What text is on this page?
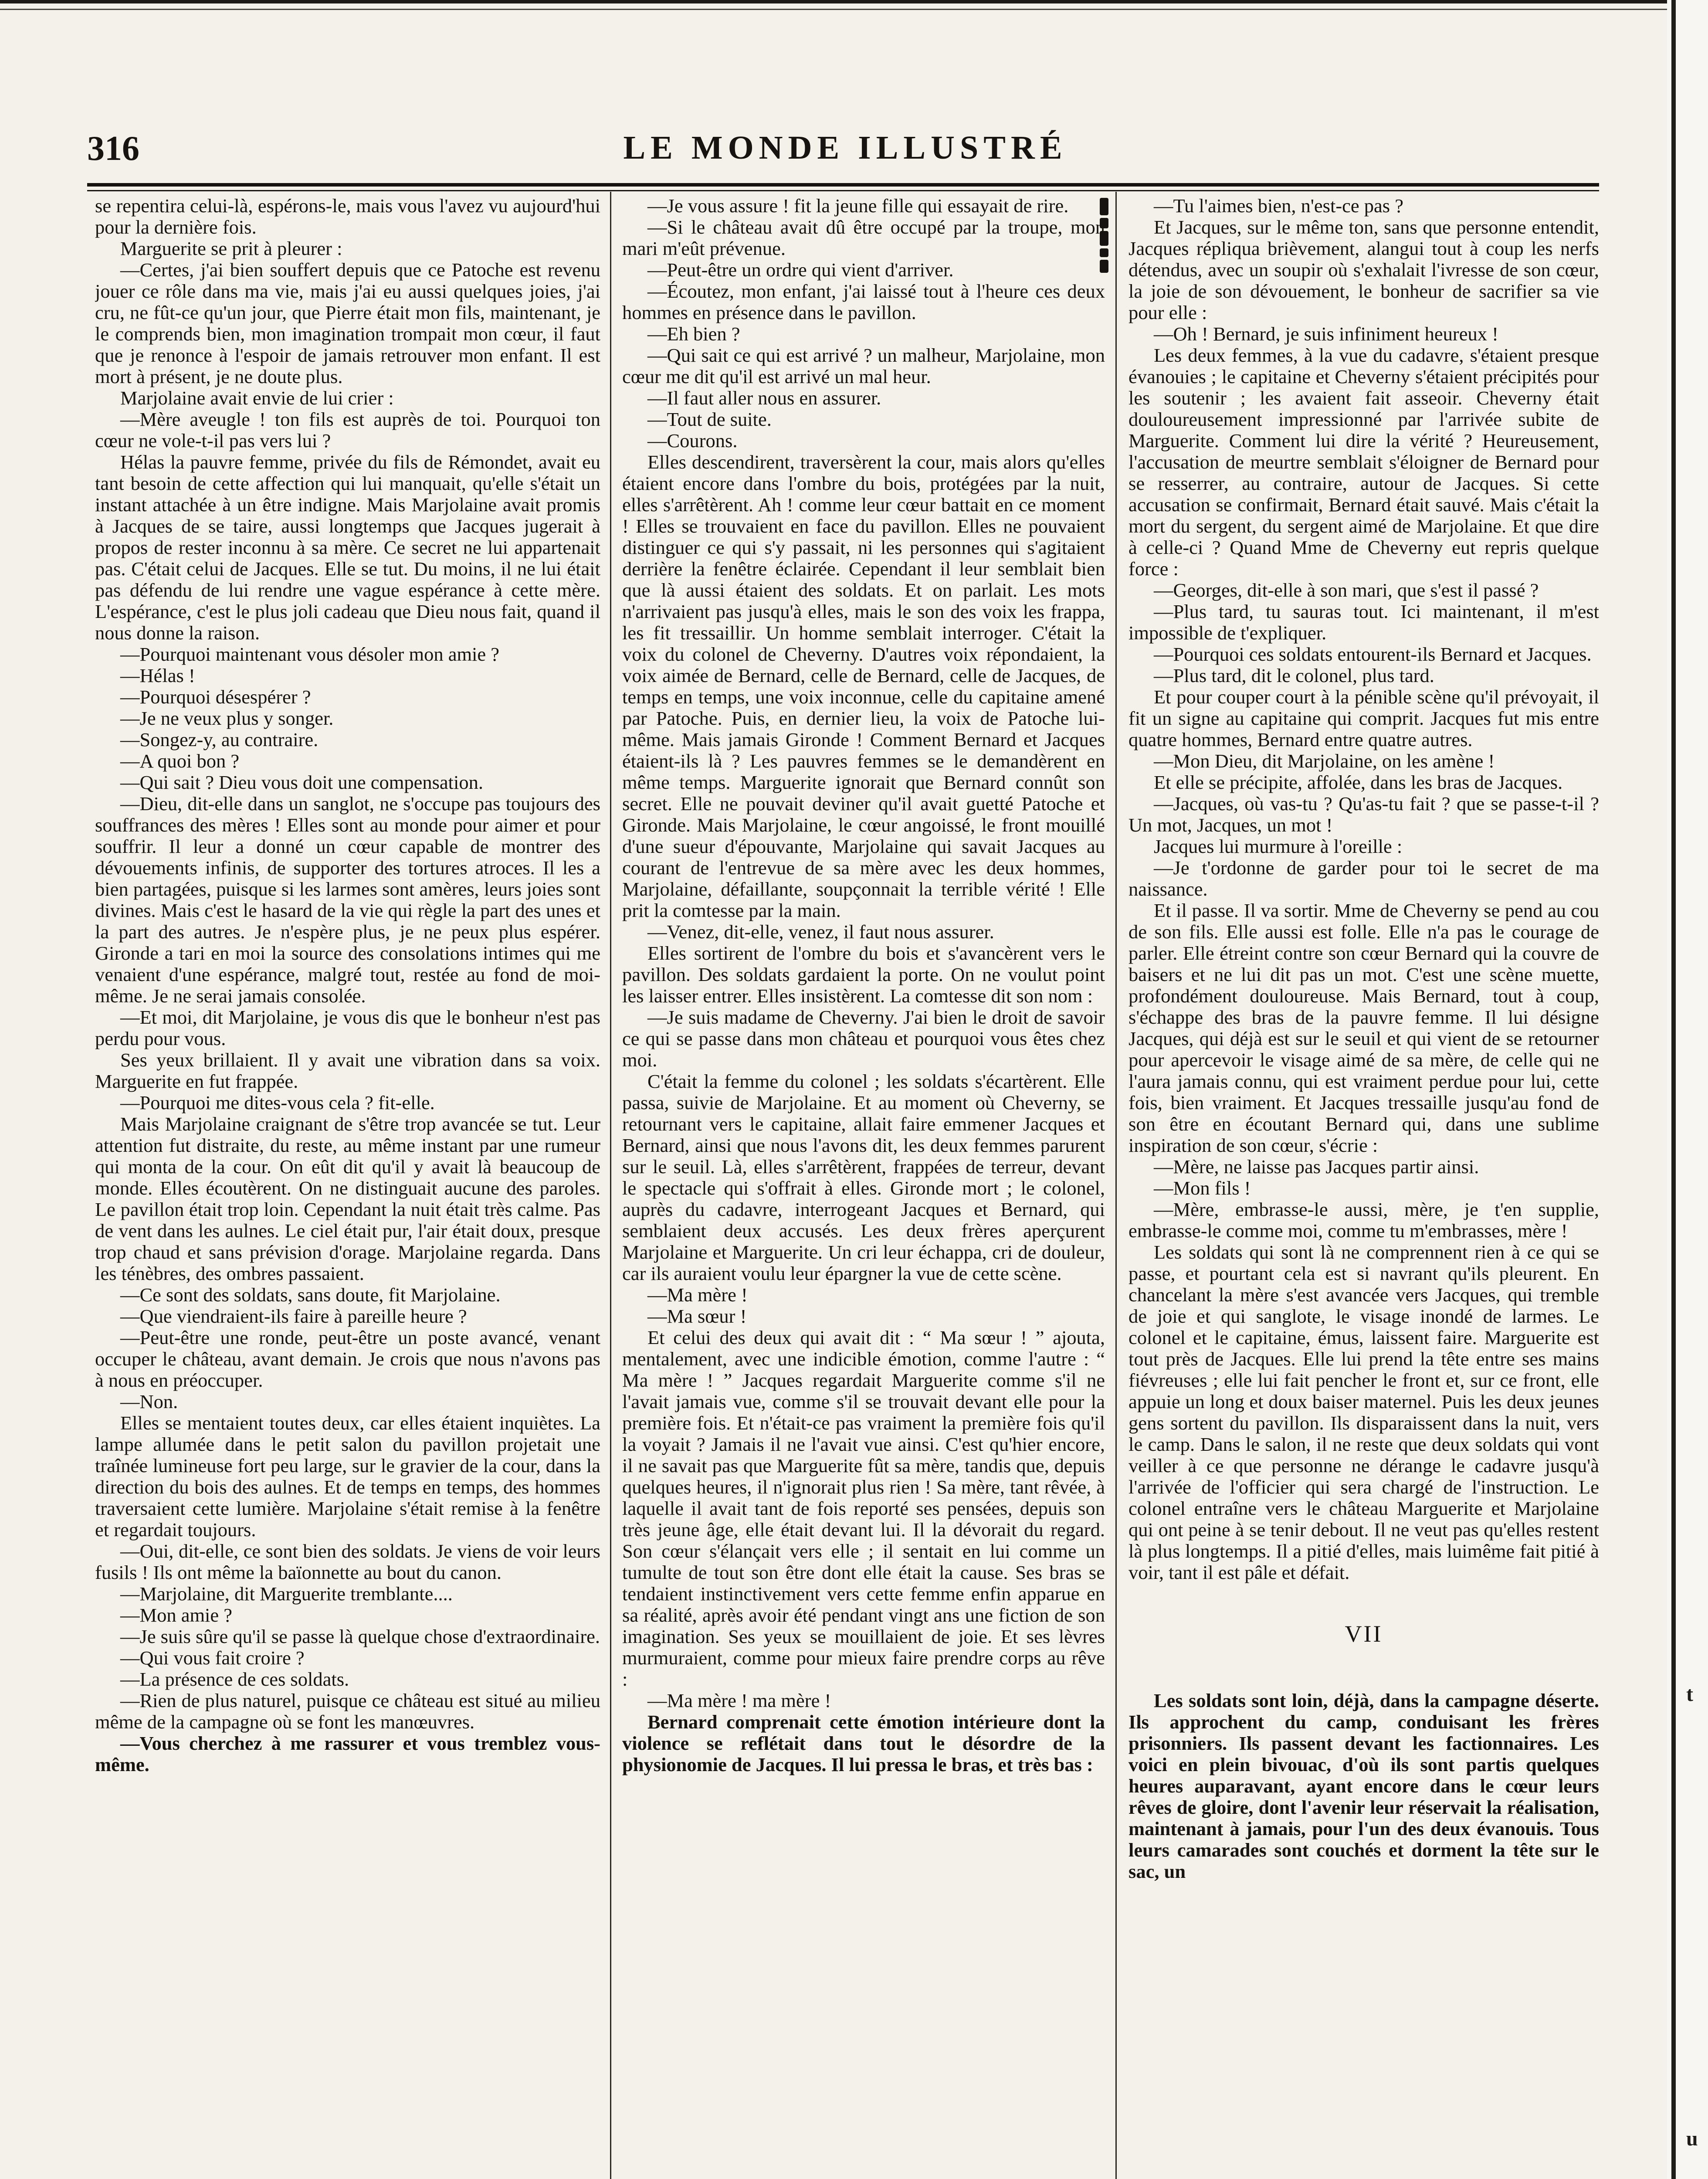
316	LE MONDE ILLUSTRÉ

se repentira celui-là, espérons-le, mais vous l'avez vu aujourd'hui pour la dernière fois.

Marguerite se prit à pleurer :

—Certes, j'ai bien souffert depuis que ce Patoche est revenu jouer ce rôle dans ma vie, mais j'ai eu aussi quelques joies, j'ai cru, ne fût-ce qu'un jour, que Pierre était mon fils, maintenant, je le comprends bien, mon imagination trompait mon cœur, il faut que je renonce à l'espoir de jamais retrouver mon enfant. Il est mort à présent, je ne doute plus.

Marjolaine avait envie de lui crier :

—Mère aveugle ! ton fils est auprès de toi. Pourquoi ton cœur ne vole-t-il pas vers lui ?

Hélas la pauvre femme, privée du fils de Rémondet, avait eu tant besoin de cette affection qui lui manquait, qu'elle s'était un instant attachée à un être indigne. Mais Marjolaine avait promis à Jacques de se taire, aussi longtemps que Jacques jugerait à propos de rester inconnu à sa mère. Ce secret ne lui appartenait pas. C'était celui de Jacques. Elle se tut. Du moins, il ne lui était pas défendu de lui rendre une vague espérance à cette mère. L'espérance, c'est le plus joli cadeau que Dieu nous fait, quand il nous donne la raison.

—Pourquoi maintenant vous désoler mon amie ?

—Hélas !

—Pourquoi désespérer ?

—Je ne veux plus y songer.

—Songez-y, au contraire.

—A quoi bon ?

—Qui sait ? Dieu vous doit une compensation.

—Dieu, dit-elle dans un sanglot, ne s'occupe pas toujours des souffrances des mères ! Elles sont au monde pour aimer et pour souffrir. Il leur a donné un cœur capable de montrer des dévouements infinis, de supporter des tortures atroces. Il les a bien partagées, puisque si les larmes sont amères, leurs joies sont divines. Mais c'est le hasard de la vie qui règle la part des unes et la part des autres. Je n'espère plus, je ne peux plus espérer. Gironde a tari en moi la source des consolations intimes qui me venaient d'une espérance, malgré tout, restée au fond de moi-même. Je ne serai jamais consolée.

—Et moi, dit Marjolaine, je vous dis que le bonheur n'est pas perdu pour vous.

Ses yeux brillaient. Il y avait une vibration dans sa voix. Marguerite en fut frappée.

—Pourquoi me dites-vous cela ? fit-elle.

Mais Marjolaine craignant de s'être trop avancée se tut. Leur attention fut distraite, du reste, au même instant par une rumeur qui monta de la cour. On eût dit qu'il y avait là beaucoup de monde. Elles écoutèrent. On ne distinguait aucune des paroles. Le pavillon était trop loin. Cependant la nuit était très calme. Pas de vent dans les aulnes. Le ciel était pur, l'air était doux, presque trop chaud et sans prévision d'orage. Marjolaine regarda. Dans les ténèbres, des ombres passaient.

—Ce sont des soldats, sans doute, fit Marjolaine.

—Que viendraient-ils faire à pareille heure ?

—Peut-être une ronde, peut-être un poste avancé, venant occuper le château, avant demain. Je crois que nous n'avons pas à nous en préoccuper.

—Non.

Elles se mentaient toutes deux, car elles étaient inquiètes. La lampe allumée dans le petit salon du pavillon projetait une traînée lumineuse fort peu large, sur le gravier de la cour, dans la direction du bois des aulnes. Et de temps en temps, des hommes traversaient cette lumière. Marjolaine s'était remise à la fenêtre et regardait toujours.

—Oui, dit-elle, ce sont bien des soldats. Je viens de voir leurs fusils ! Ils ont même la baïonnette au bout du canon.

—Marjolaine, dit Marguerite tremblante....

—Mon amie ?

—Je suis sûre qu'il se passe là quelque chose d'extraordinaire.

—Qui vous fait croire ?

—La présence de ces soldats.

—Rien de plus naturel, puisque ce château est situé au milieu même de la campagne où se font les manœuvres.

—Vous cherchez à me rassurer et vous tremblez vous-même.

—Je vous assure ! fit la jeune fille qui essayait de rire.

—Si le château avait dû être occupé par la troupe, mon mari m'eût prévenue.

—Peut-être un ordre qui vient d'arriver.

—Écoutez, mon enfant, j'ai laissé tout à l'heure ces deux hommes en présence dans le pavillon.

—Eh bien ?

—Qui sait ce qui est arrivé ? un malheur, Marjolaine, mon cœur me dit qu'il est arrivé un mal heur.

—Il faut aller nous en assurer.

—Tout de suite.

—Courons.

Elles descendirent, traversèrent la cour, mais alors qu'elles étaient encore dans l'ombre du bois, protégées par la nuit, elles s'arrêtèrent. Ah ! comme leur cœur battait en ce moment ! Elles se trouvaient en face du pavillon. Elles ne pouvaient distinguer ce qui s'y passait, ni les personnes qui s'agitaient derrière la fenêtre éclairée. Cependant il leur semblait bien que là aussi étaient des soldats. Et on parlait. Les mots n'arrivaient pas jusqu'à elles, mais le son des voix les frappa, les fit tressaillir. Un homme semblait interroger. C'était la voix du colonel de Cheverny. D'autres voix répondaient, la voix aimée de Bernard, celle de Bernard, celle de Jacques, de temps en temps, une voix inconnue, celle du capitaine amené par Patoche. Puis, en dernier lieu, la voix de Patoche lui-même. Mais jamais Gironde ! Comment Bernard et Jacques étaient-ils là ? Les pauvres femmes se le demandèrent en même temps. Marguerite ignorait que Bernard connût son secret. Elle ne pouvait deviner qu'il avait guetté Patoche et Gironde. Mais Marjolaine, le cœur angoissé, le front mouillé d'une sueur d'épouvante, Marjolaine qui savait Jacques au courant de l'entrevue de sa mère avec les deux hommes, Marjolaine, défaillante, soupçonnait la terrible vérité ! Elle prit la comtesse par la main.

—Venez, dit-elle, venez, il faut nous assurer.

Elles sortirent de l'ombre du bois et s'avancèrent vers le pavillon. Des soldats gardaient la porte. On ne voulut point les laisser entrer. Elles insistèrent. La comtesse dit son nom :

—Je suis madame de Cheverny. J'ai bien le droit de savoir ce qui se passe dans mon château et pourquoi vous êtes chez moi.

C'était la femme du colonel ; les soldats s'écartèrent. Elle passa, suivie de Marjolaine. Et au moment où Cheverny, se retournant vers le capitaine, allait faire emmener Jacques et Bernard, ainsi que nous l'avons dit, les deux femmes parurent sur le seuil. Là, elles s'arrêtèrent, frappées de terreur, devant le spectacle qui s'offrait à elles. Gironde mort ; le colonel, auprès du cadavre, interrogeant Jacques et Bernard, qui semblaient deux accusés. Les deux frères aperçurent Marjolaine et Marguerite. Un cri leur échappa, cri de douleur, car ils auraient voulu leur épargner la vue de cette scène.

—Ma mère !

—Ma sœur !

Et celui des deux qui avait dit : “ Ma sœur ! ” ajouta, mentalement, avec une indicible émotion, comme l'autre : “ Ma mère ! ” Jacques regardait Marguerite comme s'il ne l'avait jamais vue, comme s'il se trouvait devant elle pour la première fois. Et n'était-ce pas vraiment la première fois qu'il la voyait ? Jamais il ne l'avait vue ainsi. C'est qu'hier encore, il ne savait pas que Marguerite fût sa mère, tandis que, depuis quelques heures, il n'ignorait plus rien ! Sa mère, tant rêvée, à laquelle il avait tant de fois reporté ses pensées, depuis son très jeune âge, elle était devant lui. Il la dévorait du regard. Son cœur s'élançait vers elle ; il sentait en lui comme un tumulte de tout son être dont elle était la cause. Ses bras se tendaient instinctivement vers cette femme enfin apparue en sa réalité, après avoir été pendant vingt ans une fiction de son imagination. Ses yeux se mouillaient de joie. Et ses lèvres murmuraient, comme pour mieux faire prendre corps au rêve :

—Ma mère ! ma mère !

Bernard comprenait cette émotion intérieure dont la violence se reflétait dans tout le désordre de la physionomie de Jacques. Il lui pressa le bras, et très bas :

—Tu l'aimes bien, n'est-ce pas ?

Et Jacques, sur le même ton, sans que personne entendit, Jacques répliqua brièvement, alangui tout à coup les nerfs détendus, avec un soupir où s'exhalait l'ivresse de son cœur, la joie de son dévouement, le bonheur de sacrifier sa vie pour elle :

—Oh ! Bernard, je suis infiniment heureux !

Les deux femmes, à la vue du cadavre, s'étaient presque évanouies ; le capitaine et Cheverny s'étaient précipités pour les soutenir ; les avaient fait asseoir. Cheverny était douloureusement impressionné par l'arrivée subite de Marguerite. Comment lui dire la vérité ? Heureusement, l'accusation de meurtre semblait s'éloigner de Bernard pour se resserrer, au contraire, autour de Jacques. Si cette accusation se confirmait, Bernard était sauvé. Mais c'était la mort du sergent, du sergent aimé de Marjolaine. Et que dire à celle-ci ? Quand Mme de Cheverny eut repris quelque force :

—Georges, dit-elle à son mari, que s'est il passé ?

—Plus tard, tu sauras tout. Ici maintenant, il m'est impossible de t'expliquer.

—Pourquoi ces soldats entourent-ils Bernard et Jacques.

—Plus tard, dit le colonel, plus tard.

Et pour couper court à la pénible scène qu'il prévoyait, il fit un signe au capitaine qui comprit. Jacques fut mis entre quatre hommes, Bernard entre quatre autres.

—Mon Dieu, dit Marjolaine, on les amène !

Et elle se précipite, affolée, dans les bras de Jacques.

—Jacques, où vas-tu ? Qu'as-tu fait ? que se passe-t-il ? Un mot, Jacques, un mot !

Jacques lui murmure à l'oreille :

—Je t'ordonne de garder pour toi le secret de ma naissance.

Et il passe. Il va sortir. Mme de Cheverny se pend au cou de son fils. Elle aussi est folle. Elle n'a pas le courage de parler. Elle étreint contre son cœur Bernard qui la couvre de baisers et ne lui dit pas un mot. C'est une scène muette, profondément douloureuse. Mais Bernard, tout à coup, s'échappe des bras de la pauvre femme. Il lui désigne Jacques, qui déjà est sur le seuil et qui vient de se retourner pour apercevoir le visage aimé de sa mère, de celle qui ne l'aura jamais connu, qui est vraiment perdue pour lui, cette fois, bien vraiment. Et Jacques tressaille jusqu'au fond de son être en écoutant Bernard qui, dans une sublime inspiration de son cœur, s'écrie :

—Mère, ne laisse pas Jacques partir ainsi.

—Mon fils !

—Mère, embrasse-le aussi, mère, je t'en supplie, embrasse-le comme moi, comme tu m'embrasses, mère !

Les soldats qui sont là ne comprennent rien à ce qui se passe, et pourtant cela est si navrant qu'ils pleurent. En chancelant la mère s'est avancée vers Jacques, qui tremble de joie et qui sanglote, le visage inondé de larmes. Le colonel et le capitaine, émus, laissent faire. Marguerite est tout près de Jacques. Elle lui prend la tête entre ses mains fiévreuses ; elle lui fait pencher le front et, sur ce front, elle appuie un long et doux baiser maternel. Puis les deux jeunes gens sortent du pavillon. Ils disparaissent dans la nuit, vers le camp. Dans le salon, il ne reste que deux soldats qui vont veiller à ce que personne ne dérange le cadavre jusqu'à l'arrivée de l'officier qui sera chargé de l'instruction. Le colonel entraîne vers le château Marguerite et Marjolaine qui ont peine à se tenir debout. Il ne veut pas qu'elles restent là plus longtemps. Il a pitié d'elles, mais luimême fait pitié à voir, tant il est pâle et défait.

VII

Les soldats sont loin, déjà, dans la campagne déserte. Ils approchent du camp, conduisant les frères prisonniers. Ils passent devant les factionnaires. Les voici en plein bivouac, d'où ils sont partis quelques heures auparavant, ayant encore dans le cœur leurs rêves de gloire, dont l'avenir leur réservait la réalisation, maintenant à jamais, pour l'un des deux évanouis. Tous leurs camarades sont couchés et dorment la tête sur le sac, un

t
u
